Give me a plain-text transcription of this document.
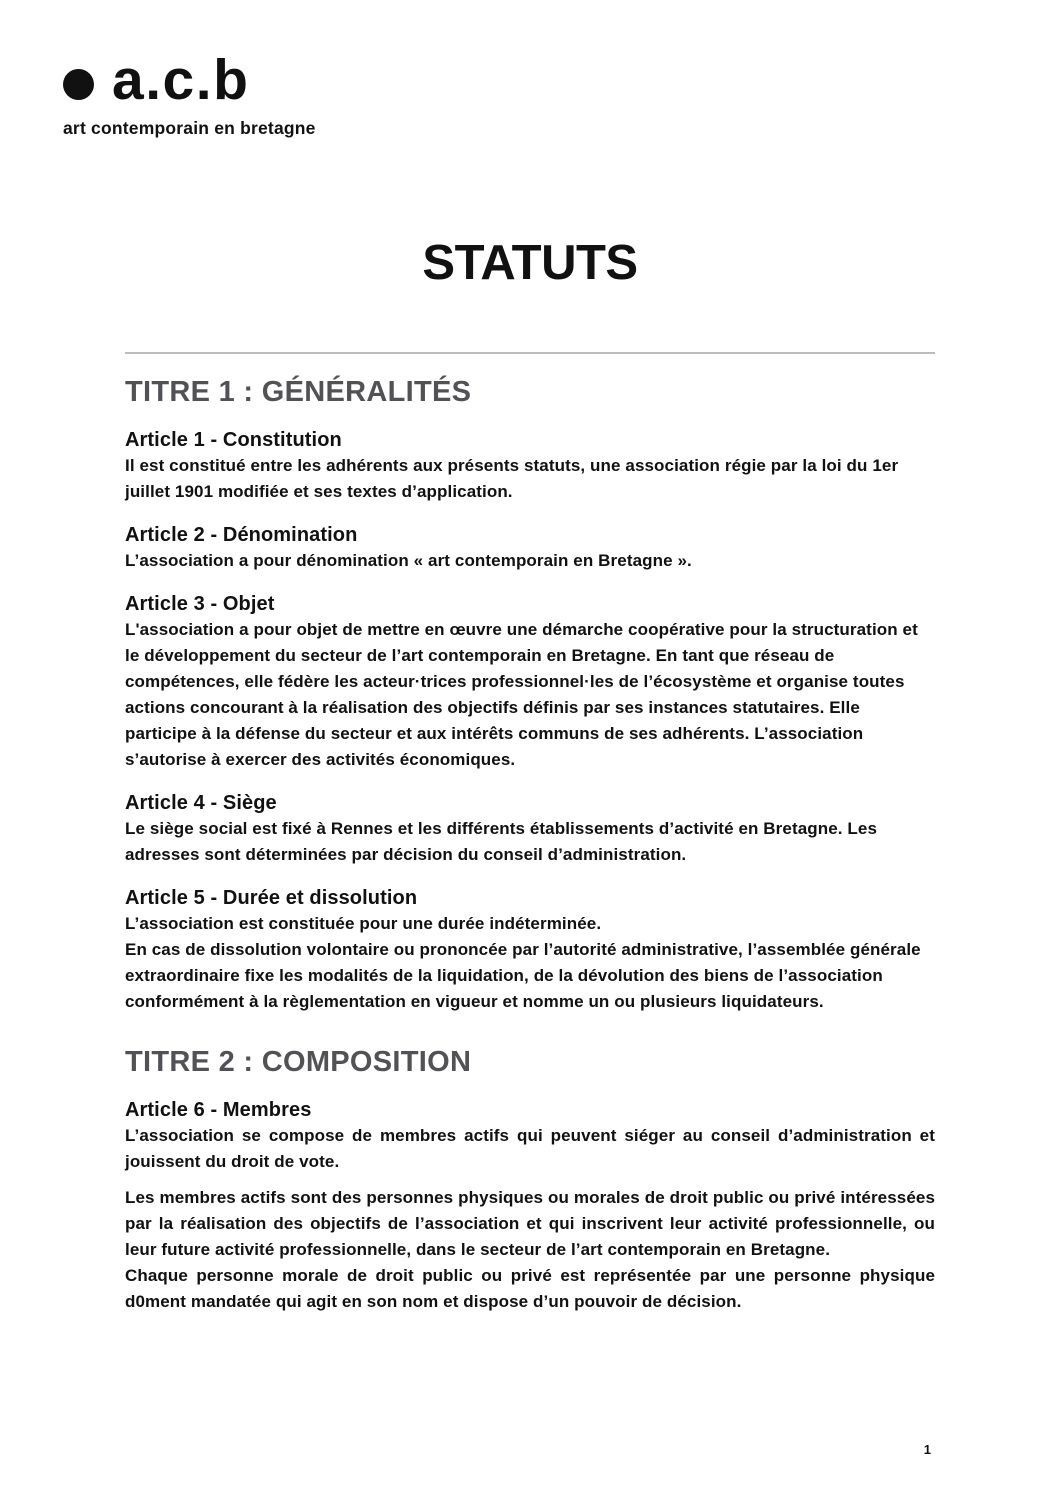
a.c.b
art contemporain en bretagne
STATUTS
TITRE 1 : GÉNÉRALITÉS
Article 1 - Constitution

Il est constitué entre les adhérents aux présents statuts, une association régie par la loi du 1er juillet 1901 modifiée et ses textes d’application.

Article 2 - Dénomination

L’association a pour dénomination « art contemporain en Bretagne ».

Article 3 - Objet

L'association a pour objet de mettre en œuvre une démarche coopérative pour la structuration et le développement du secteur de l’art contemporain en Bretagne. En tant que réseau de compétences, elle fédère les acteur·trices professionnel·les de l’écosystème et organise toutes actions concourant à la réalisation des objectifs définis par ses instances statutaires. Elle participe à la défense du secteur et aux intérêts communs de ses adhérents. L’association s’autorise à exercer des activités économiques.

Article 4 - Siège

Le siège social est fixé à Rennes et les différents établissements d’activité en Bretagne. Les adresses sont déterminées par décision du conseil d’administration.

Article 5 - Durée et dissolution

L’association est constituée pour une durée indéterminée.

En cas de dissolution volontaire ou prononcée par l’autorité administrative, l’assemblée générale extraordinaire fixe les modalités de la liquidation, de la dévolution des biens de l’association conformément à la règlementation en vigueur et nomme un ou plusieurs liquidateurs.

TITRE 2 : COMPOSITION
Article 6 - Membres

L’association se compose de membres actifs qui peuvent siéger au conseil d’administration et jouissent du droit de vote.

Les membres actifs sont des personnes physiques ou morales de droit public ou privé intéressées par la réalisation des objectifs de l’association et qui inscrivent leur activité professionnelle, ou leur future activité professionnelle, dans le secteur de l’art contemporain en Bretagne.

Chaque personne morale de droit public ou privé est représentée par une personne physique d0ment mandatée qui agit en son nom et dispose d’un pouvoir de décision.

1
